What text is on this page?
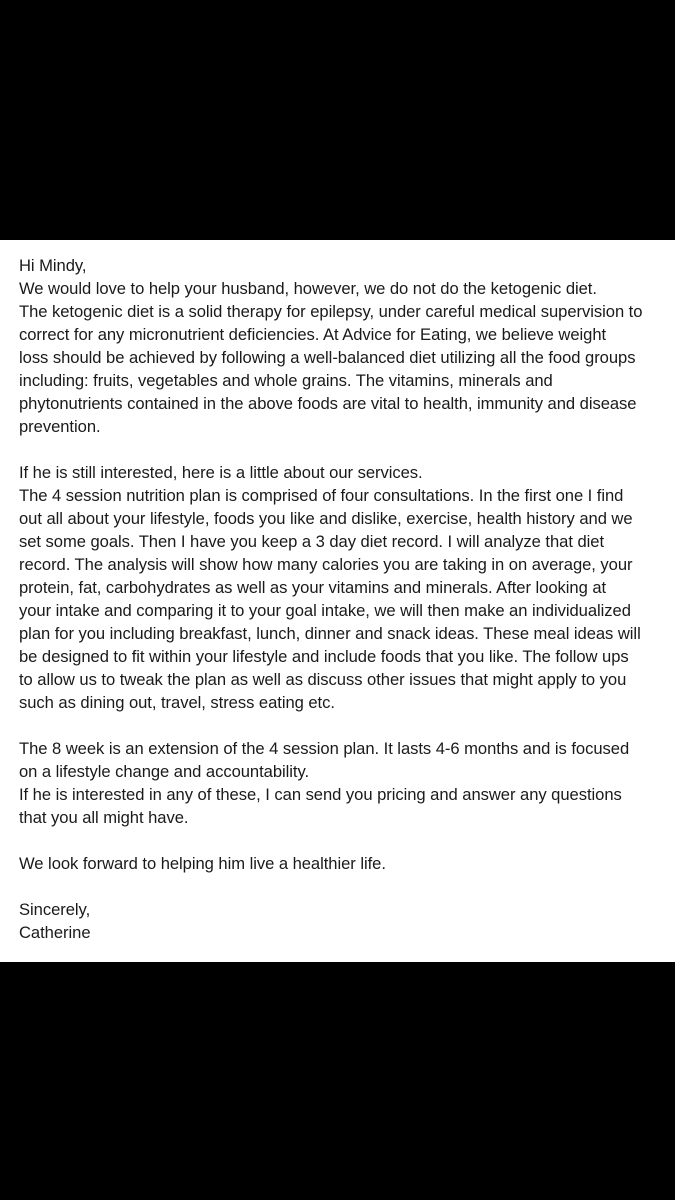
Hi Mindy,
We would love to help your husband, however, we do not do the ketogenic diet.
The ketogenic diet is a solid therapy for epilepsy, under careful medical supervision to
correct for any micronutrient deficiencies. At Advice for Eating, we believe weight
loss should be achieved by following a well-balanced diet utilizing all the food groups
including: fruits, vegetables and whole grains. The vitamins, minerals and
phytonutrients contained in the above foods are vital to health, immunity and disease
prevention.
If he is still interested, here is a little about our services.
The 4 session nutrition plan is comprised of four consultations. In the first one I find
out all about your lifestyle, foods you like and dislike, exercise, health history and we
set some goals. Then I have you keep a 3 day diet record. I will analyze that diet
record. The analysis will show how many calories you are taking in on average, your
protein, fat, carbohydrates as well as your vitamins and minerals. After looking at
your intake and comparing it to your goal intake, we will then make an individualized
plan for you including breakfast, lunch, dinner and snack ideas. These meal ideas will
be designed to fit within your lifestyle and include foods that you like. The follow ups
to allow us to tweak the plan as well as discuss other issues that might apply to you
such as dining out, travel, stress eating etc.
The 8 week is an extension of the 4 session plan. It lasts 4-6 months and is focused
on a lifestyle change and accountability.
If he is interested in any of these, I can send you pricing and answer any questions
that you all might have.
We look forward to helping him live a healthier life.
Sincerely,
Catherine
